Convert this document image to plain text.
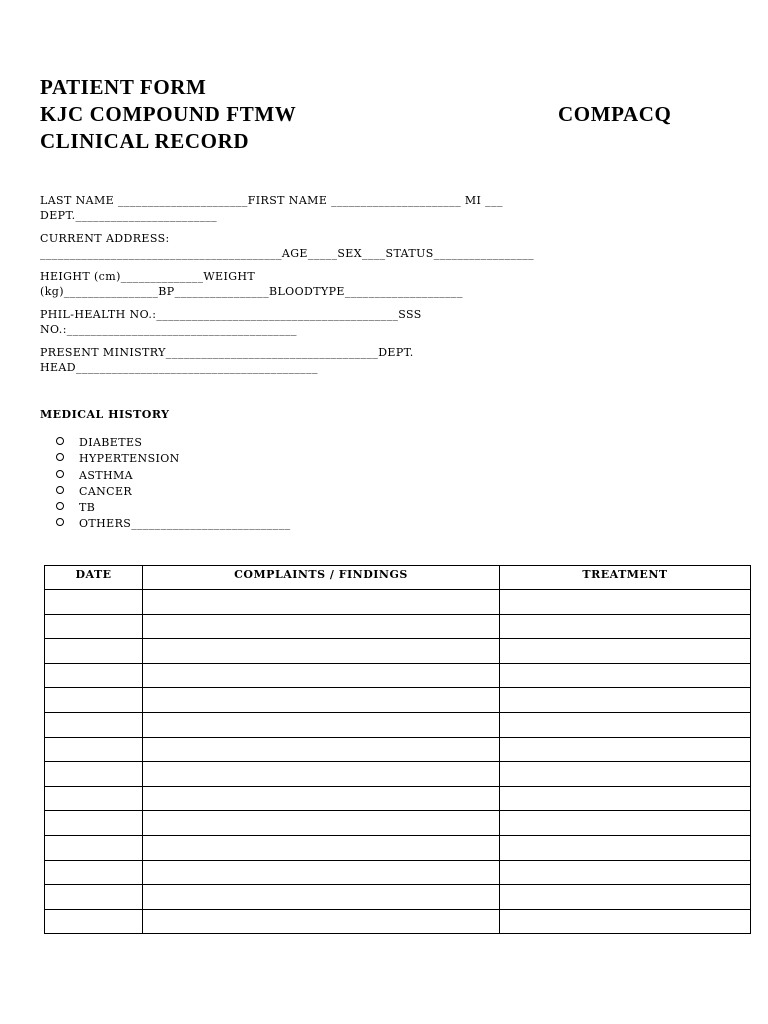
PATIENT FORM
KJC COMPOUND FTMW	COMPACQ
CLINICAL RECORD
LAST NAME ______________________FIRST NAME ______________________ MI ___
DEPT.________________________
CURRENT ADDRESS:
_________________________________________AGE_____SEX____STATUS_________________
HEIGHT (cm)______________WEIGHT
(kg)________________BP________________BLOODTYPE____________________
PHIL-HEALTH NO.:_________________________________________SSS
NO.:_______________________________________
PRESENT MINISTRY____________________________________DEPT.
HEAD_________________________________________
MEDICAL HISTORY
DIABETES
HYPERTENSION
ASTHMA
CANCER
TB
OTHERS___________________________
DATE	COMPLAINTS / FINDINGS	TREATMENT
